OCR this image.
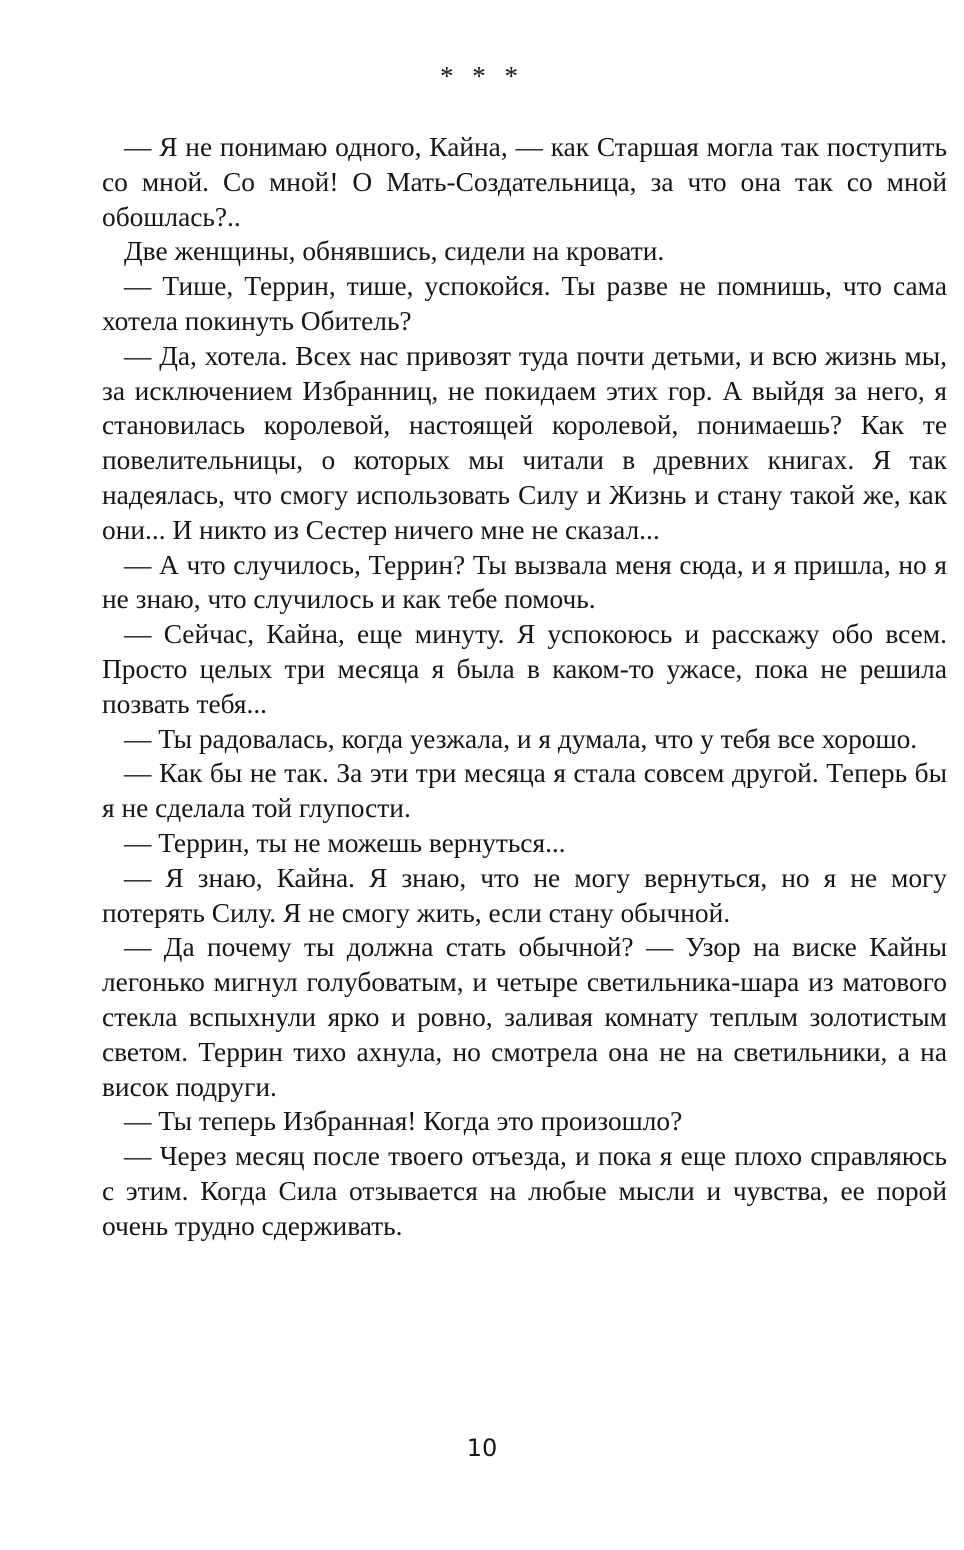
* * *

— Я не понимаю одного, Кайна, — как Старшая могла так поступить со мной. Со мной! О Мать-Создательница, за что она так со мной обошлась?..

Две женщины, обнявшись, сидели на кровати.

— Тише, Террин, тише, успокойся. Ты разве не помнишь, что сама хотела покинуть Обитель?

— Да, хотела. Всех нас привозят туда почти детьми, и всю жизнь мы, за исключением Избранниц, не покидаем этих гор. А выйдя за него, я становилась королевой, настоящей королевой, понимаешь? Как те повелительницы, о которых мы читали в древних книгах. Я так надеялась, что смогу использовать Силу и Жизнь и стану такой же, как они... И никто из Сестер ничего мне не сказал...

— А что случилось, Террин? Ты вызвала меня сюда, и я пришла, но я не знаю, что случилось и как тебе помочь.

— Сейчас, Кайна, еще минуту. Я успокоюсь и расскажу обо всем. Просто целых три месяца я была в каком-то ужасе, пока не решила позвать тебя...

— Ты радовалась, когда уезжала, и я думала, что у тебя все хорошо.

— Как бы не так. За эти три месяца я стала совсем другой. Теперь бы я не сделала той глупости.

— Террин, ты не можешь вернуться...

— Я знаю, Кайна. Я знаю, что не могу вернуться, но я не могу потерять Силу. Я не смогу жить, если стану обычной.

— Да почему ты должна стать обычной? — Узор на виске Кайны легонько мигнул голубоватым, и четыре светильника-шара из матового стекла вспыхнули ярко и ровно, заливая комнату теплым золотистым светом. Террин тихо ахнула, но смотрела она не на светильники, а на висок подруги.

— Ты теперь Избранная! Когда это произошло?

— Через месяц после твоего отъезда, и пока я еще плохо справляюсь с этим. Когда Сила отзывается на любые мысли и чувства, ее порой очень трудно сдерживать.

10
